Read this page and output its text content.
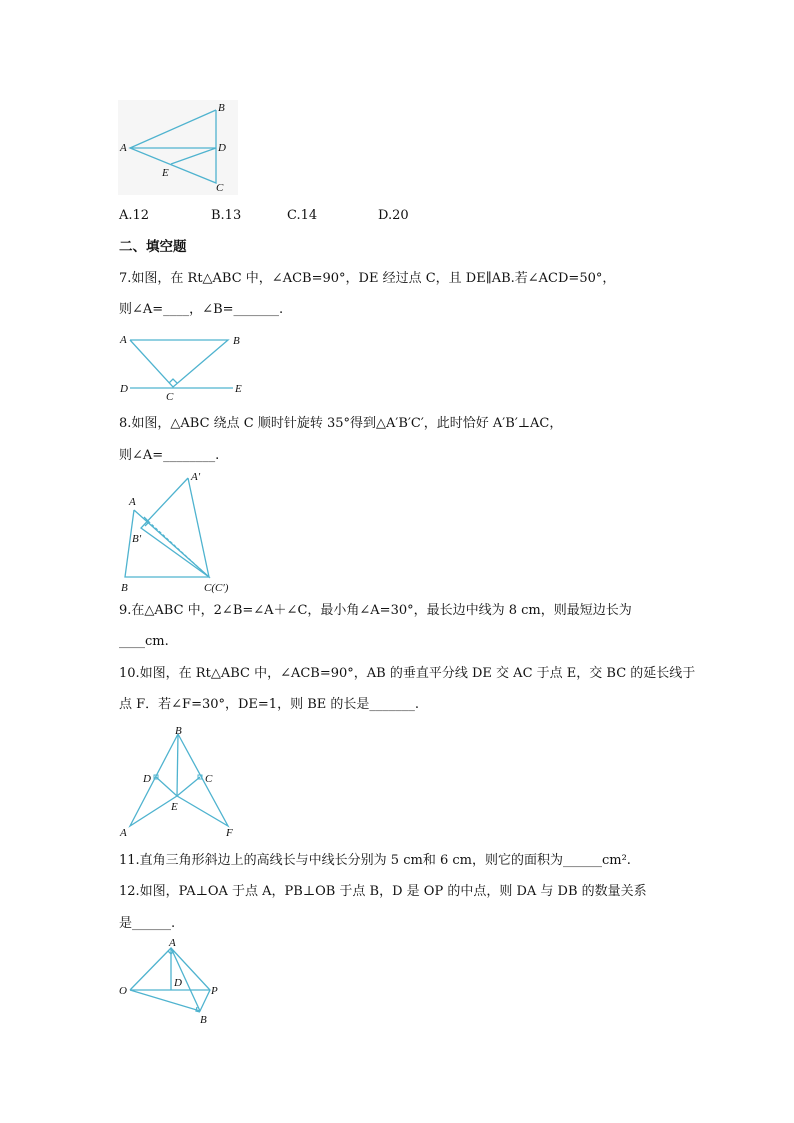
B
A	D
E
C
A.12	B.13	C.14	D.20
二、填空题
7.如图，在 Rt△ABC 中，∠ACB=90°，DE 经过点 C，且 DE∥AB.若∠ACD=50°，
则∠A=____，∠B=_______.
A	B
D	E
C
8.如图，△ABC 绕点 C 顺时针旋转 35°得到△A′B′C′，此时恰好 A′B′⊥AC，
则∠A=________.
A
A′
B′
B	C(C′)
9.在△ABC 中，2∠B=∠A＋∠C，最小角∠A=30°，最长边中线为 8 cm，则最短边长为
____cm.
10.如图，在 Rt△ABC 中，∠ACB=90°，AB 的垂直平分线 DE 交 AC 于点 E，交 BC 的延长线于
点 F．若∠F=30°，DE=1，则 BE 的长是_______.
B
D	C
E
A	F
11.直角三角形斜边上的高线长与中线长分别为 5 cm和 6 cm，则它的面积为______cm².
12.如图，PA⊥OA 于点 A，PB⊥OB 于点 B，D 是 OP 的中点，则 DA 与 DB 的数量关系
是______.
A
O
D
P
B
